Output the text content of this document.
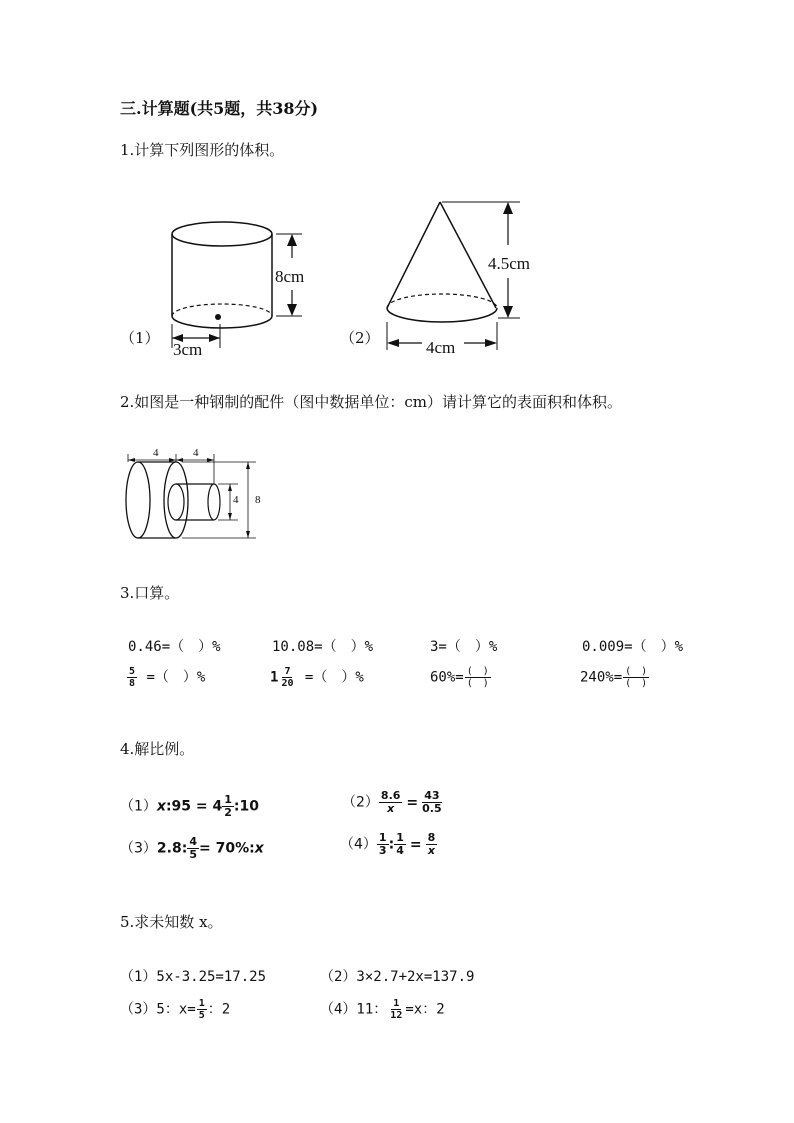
三.计算题(共5题，共38分)
1.计算下列图形的体积。
（1）
8cm
3cm
（2）
4.5cm
4cm
2.如图是一种钢制的配件（图中数据单位：cm）请计算它的表面积和体积。
4	4
4 8
3.口算。
0.46=（　）%	10.08=（　）%	3=（　）%	0.009=（　）%
$\frac{5}{8}$ =（　）%	$1 \frac{7}{20}$ =（　）%	$60\%= \frac{( )}{( )}$	$240\%= \frac{( )}{( )}$
4.解比例。
（1）x:95 = $4 \frac{1}{2}$ :10	$(2) \frac{8.6}{x} = \frac{43}{0.5}$
（3）2.8: $\frac{4}{5}$ = 70%:x	$(4) \frac{1}{3}$ : $\frac{1}{4} = \frac{8}{x}$
5.求未知数 x。
（1）5x-3.25=17.25	（2）3×2.7+2x=137.9
（3）5：$x= \frac{1}{5}$ ：2	（4）11： $\frac{1}{12} =x$：2
